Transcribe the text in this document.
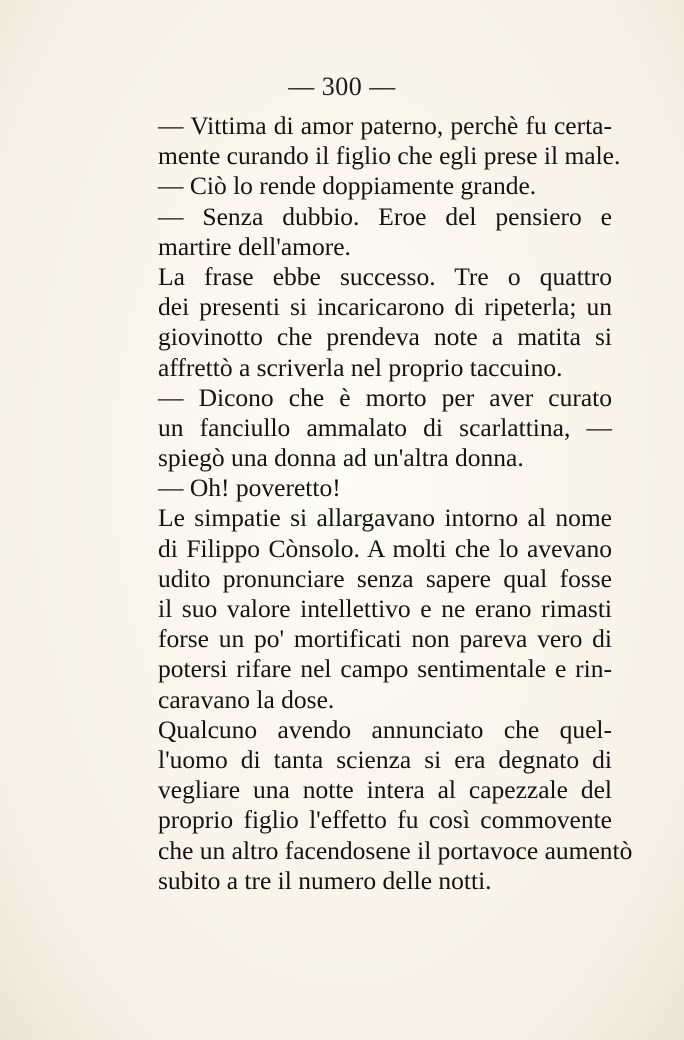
— 300 —
— Vittima di amor paterno, perchè fu certa-
mente curando il figlio che egli prese il male.
— Ciò lo rende doppiamente grande.
— Senza dubbio. Eroe del pensiero e
martire dell'amore.
La frase ebbe successo. Tre o quattro
dei presenti si incaricarono di ripeterla; un
giovinotto che prendeva note a matita si
affrettò a scriverla nel proprio taccuino.
— Dicono che è morto per aver curato
un fanciullo ammalato di scarlattina, —
spiegò una donna ad un'altra donna.
— Oh! poveretto!
Le simpatie si allargavano intorno al nome
di Filippo Cònsolo. A molti che lo avevano
udito pronunciare senza sapere qual fosse
il suo valore intellettivo e ne erano rimasti
forse un po' mortificati non pareva vero di
potersi rifare nel campo sentimentale e rin-
caravano la dose.
Qualcuno avendo annunciato che quel-
l'uomo di tanta scienza si era degnato di
vegliare una notte intera al capezzale del
proprio figlio l'effetto fu così commovente
che un altro facendosene il portavoce aumentò
subito a tre il numero delle notti.
